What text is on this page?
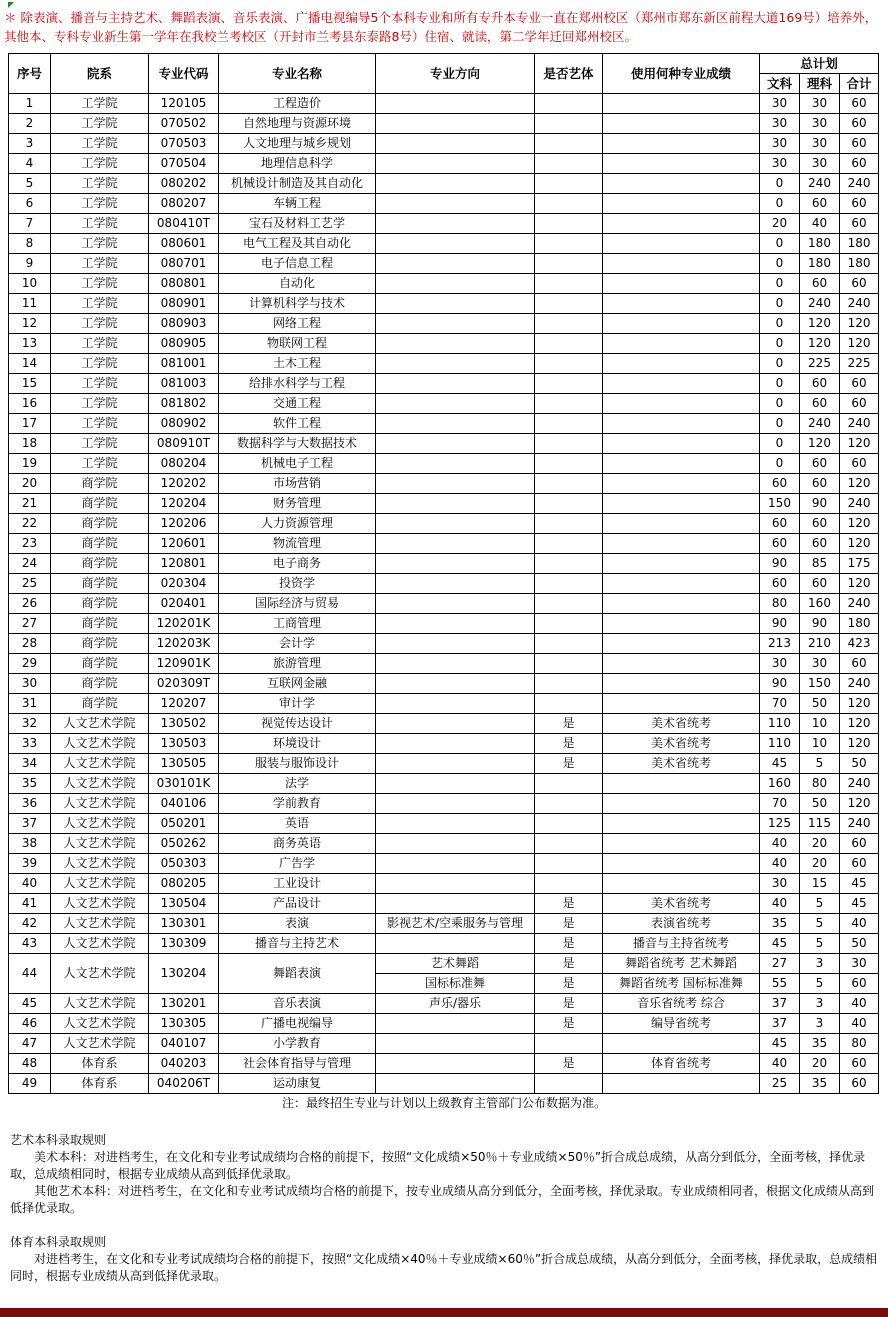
＊ 除表演、播音与主持艺术、舞蹈表演、音乐表演、广播电视编导5个本科专业和所有专升本专业一直在郑州校区（郑州市郑东新区前程大道169号）培养外，其他本、专科专业新生第一学年在我校兰考校区（开封市兰考县东泰路8号）住宿、就读，第二学年迁回郑州校区。
序号	院系	专业代码	专业名称	专业方向	是否艺体	使用何种专业成绩	总计划		
							文科	理科	合计
1	工学院	120105	工程造价				30	30	60
2	工学院	070502	自然地理与资源环境				30	30	60
3	工学院	070503	人文地理与城乡规划				30	30	60
4	工学院	070504	地理信息科学				30	30	60
5	工学院	080202	机械设计制造及其自动化				0	240	240
6	工学院	080207	车辆工程				0	60	60
7	工学院	080410T	宝石及材料工艺学				20	40	60
8	工学院	080601	电气工程及其自动化				0	180	180
9	工学院	080701	电子信息工程				0	180	180
10	工学院	080801	自动化				0	60	60
11	工学院	080901	计算机科学与技术				0	240	240
12	工学院	080903	网络工程				0	120	120
13	工学院	080905	物联网工程				0	120	120
14	工学院	081001	土木工程				0	225	225
15	工学院	081003	给排水科学与工程				0	60	60
16	工学院	081802	交通工程				0	60	60
17	工学院	080902	软件工程				0	240	240
18	工学院	080910T	数据科学与大数据技术				0	120	120
19	工学院	080204	机械电子工程				0	60	60
20	商学院	120202	市场营销				60	60	120
21	商学院	120204	财务管理				150	90	240
22	商学院	120206	人力资源管理				60	60	120
23	商学院	120601	物流管理				60	60	120
24	商学院	120801	电子商务				90	85	175
25	商学院	020304	投资学				60	60	120
26	商学院	020401	国际经济与贸易				80	160	240
27	商学院	120201K	工商管理				90	90	180
28	商学院	120203K	会计学				213	210	423
29	商学院	120901K	旅游管理				30	30	60
30	商学院	020309T	互联网金融				90	150	240
31	商学院	120207	审计学				70	50	120
32	人文艺术学院	130502	视觉传达设计		是	美术省统考	110	10	120
33	人文艺术学院	130503	环境设计		是	美术省统考	110	10	120
34	人文艺术学院	130505	服装与服饰设计		是	美术省统考	45	5	50
35	人文艺术学院	030101K	法学				160	80	240
36	人文艺术学院	040106	学前教育				70	50	120
37	人文艺术学院	050201	英语				125	115	240
38	人文艺术学院	050262	商务英语				40	20	60
39	人文艺术学院	050303	广告学				40	20	60
40	人文艺术学院	080205	工业设计				30	15	45
41	人文艺术学院	130504	产品设计		是	美术省统考	40	5	45
42	人文艺术学院	130301	表演	影视艺术/空乘服务与管理	是	表演省统考	35	5	40
43	人文艺术学院	130309	播音与主持艺术		是	播音与主持省统考	45	5	50
44	人文艺术学院	130204	舞蹈表演	艺术舞蹈	是	舞蹈省统考 艺术舞蹈	27	3	30
				国标标准舞	是	舞蹈省统考 国标标准舞	55	5	60
45	人文艺术学院	130201	音乐表演	声乐/器乐	是	音乐省统考 综合	37	3	40
46	人文艺术学院	130305	广播电视编导		是	编导省统考	37	3	40
47	人文艺术学院	040107	小学教育				45	35	80
48	体育系	040203	社会体育指导与管理		是	体育省统考	40	20	60
49	体育系	040206T	运动康复				25	35	60
注：最终招生专业与计划以上级教育主管部门公布数据为准。

艺术本科录取规则

美术本科：对进档考生，在文化和专业考试成绩均合格的前提下，按照“文化成绩×50％＋专业成绩×50％”折合成总成绩，从高分到低分，全面考核，择优录取，总成绩相同时，根据专业成绩从高到低择优录取。

其他艺术本科：对进档考生，在文化和专业考试成绩均合格的前提下，按专业成绩从高分到低分，全面考核，择优录取。专业成绩相同者，根据文化成绩从高到低择优录取。

体育本科录取规则

对进档考生，在文化和专业考试成绩均合格的前提下，按照“文化成绩×40％＋专业成绩×60％”折合成总成绩，从高分到低分，全面考核，择优录取，总成绩相同时，根据专业成绩从高到低择优录取。
